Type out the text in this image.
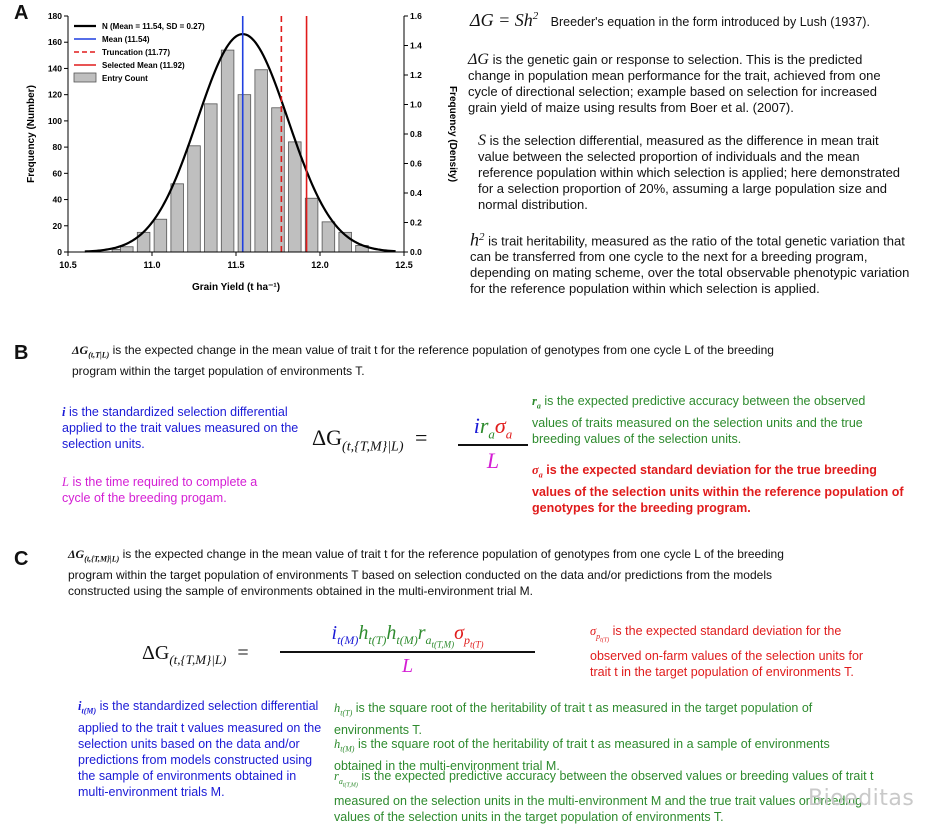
A
10.5	11.0	11.5	12.0	12.5
0
20
40
60
80
100
120
140
160
180
0.0
0.2
0.4
0.6
0.8
1.0
1.2
1.4
1.6
Grain Yield (t ha⁻¹)
Frequency (Number)	Frequency (Density)
N (Mean = 11.54, SD = 0.27)
Mean (11.54)
Truncation (11.77)
Selected Mean (11.92)
Entry Count
$\Delta G = Sh^2$ Breeder's equation in the form introduced by Lush (1937).
ΔG is the genetic gain or response to selection. This is the predicted change in population mean performance for the trait, achieved from one cycle of directional selection; example based on selection for increased grain yield of maize using results from Boer et al. (2007).
S is the selection differential, measured as the difference in mean trait value between the selected proportion of individuals and the mean reference population within which selection is applied; here demonstrated for a selection proportion of 20%, assuming a large population size and normal distribution.
$h^2$ is trait heritability, measured as the ratio of the total genetic variation that can be transferred from one cycle to the next for a breeding program, depending on mating scheme, over the total observable phenotypic variation for the reference population within which selection is applied.
B	$\Delta G_{(t,T|L)}$ is the expected change in the mean value of trait t for the reference population of genotypes from one cycle L of the breeding program within the target population of environments T.
i is the standardized selection differential applied to the trait values measured on the selection units.
L is the time required to complete a cycle of the breeding progam.
$r_a$ is the expected predictive accuracy between the observed values of traits measured on the selection units and the true breeding values of the selection units.
$\sigma_a$ is the expected standard deviation for the true breeding values of the selection units within the reference population of genotypes for the breeding program.
$\Delta G_{(t,\{T,M\}|L)}$ =	$ir_a\sigma_a$
L
C	$\Delta G_{(t,\{T,M\}|L)}$ is the expected change in the mean value of trait t for the reference population of genotypes from one cycle L of the breeding program within the target population of environments T based on selection conducted on the data and/or predictions from the models constructed using the sample of environments obtained in the multi-environment trial M.
$\Delta G_{(t,\{T,M\}|L)}$ =
$i_{t(M)}h_{t(T)}h_{t(M)}r_{a_{t(T,M)}}\sigma_{p_{t(T)}}$
L
$\sigma_{p_{t(T)}}$ is the expected standard deviation for the observed on-farm values of the selection units for trait t in the target population of environments T.
$i_{t(M)}$ is the standardized selection differential applied to the trait t values measured on the selection units based on the data and/or predictions from models constructed using the sample of environments obtained in multi-environment trials M.
$h_{t(T)}$ is the square root of the heritability of trait t as measured in the target population of environments T.
$h_{t(M)}$ is the square root of the heritability of trait t as measured in a sample of environments obtained in the multi-environment trial M.
$r_{a_{t(T,M)}}$ is the expected predictive accuracy between the observed values or breeding values of trait t measured on the selection units in the multi-environment M and the true trait values or breeding values of the selection units in the target population of environments T.
Bioeditas
